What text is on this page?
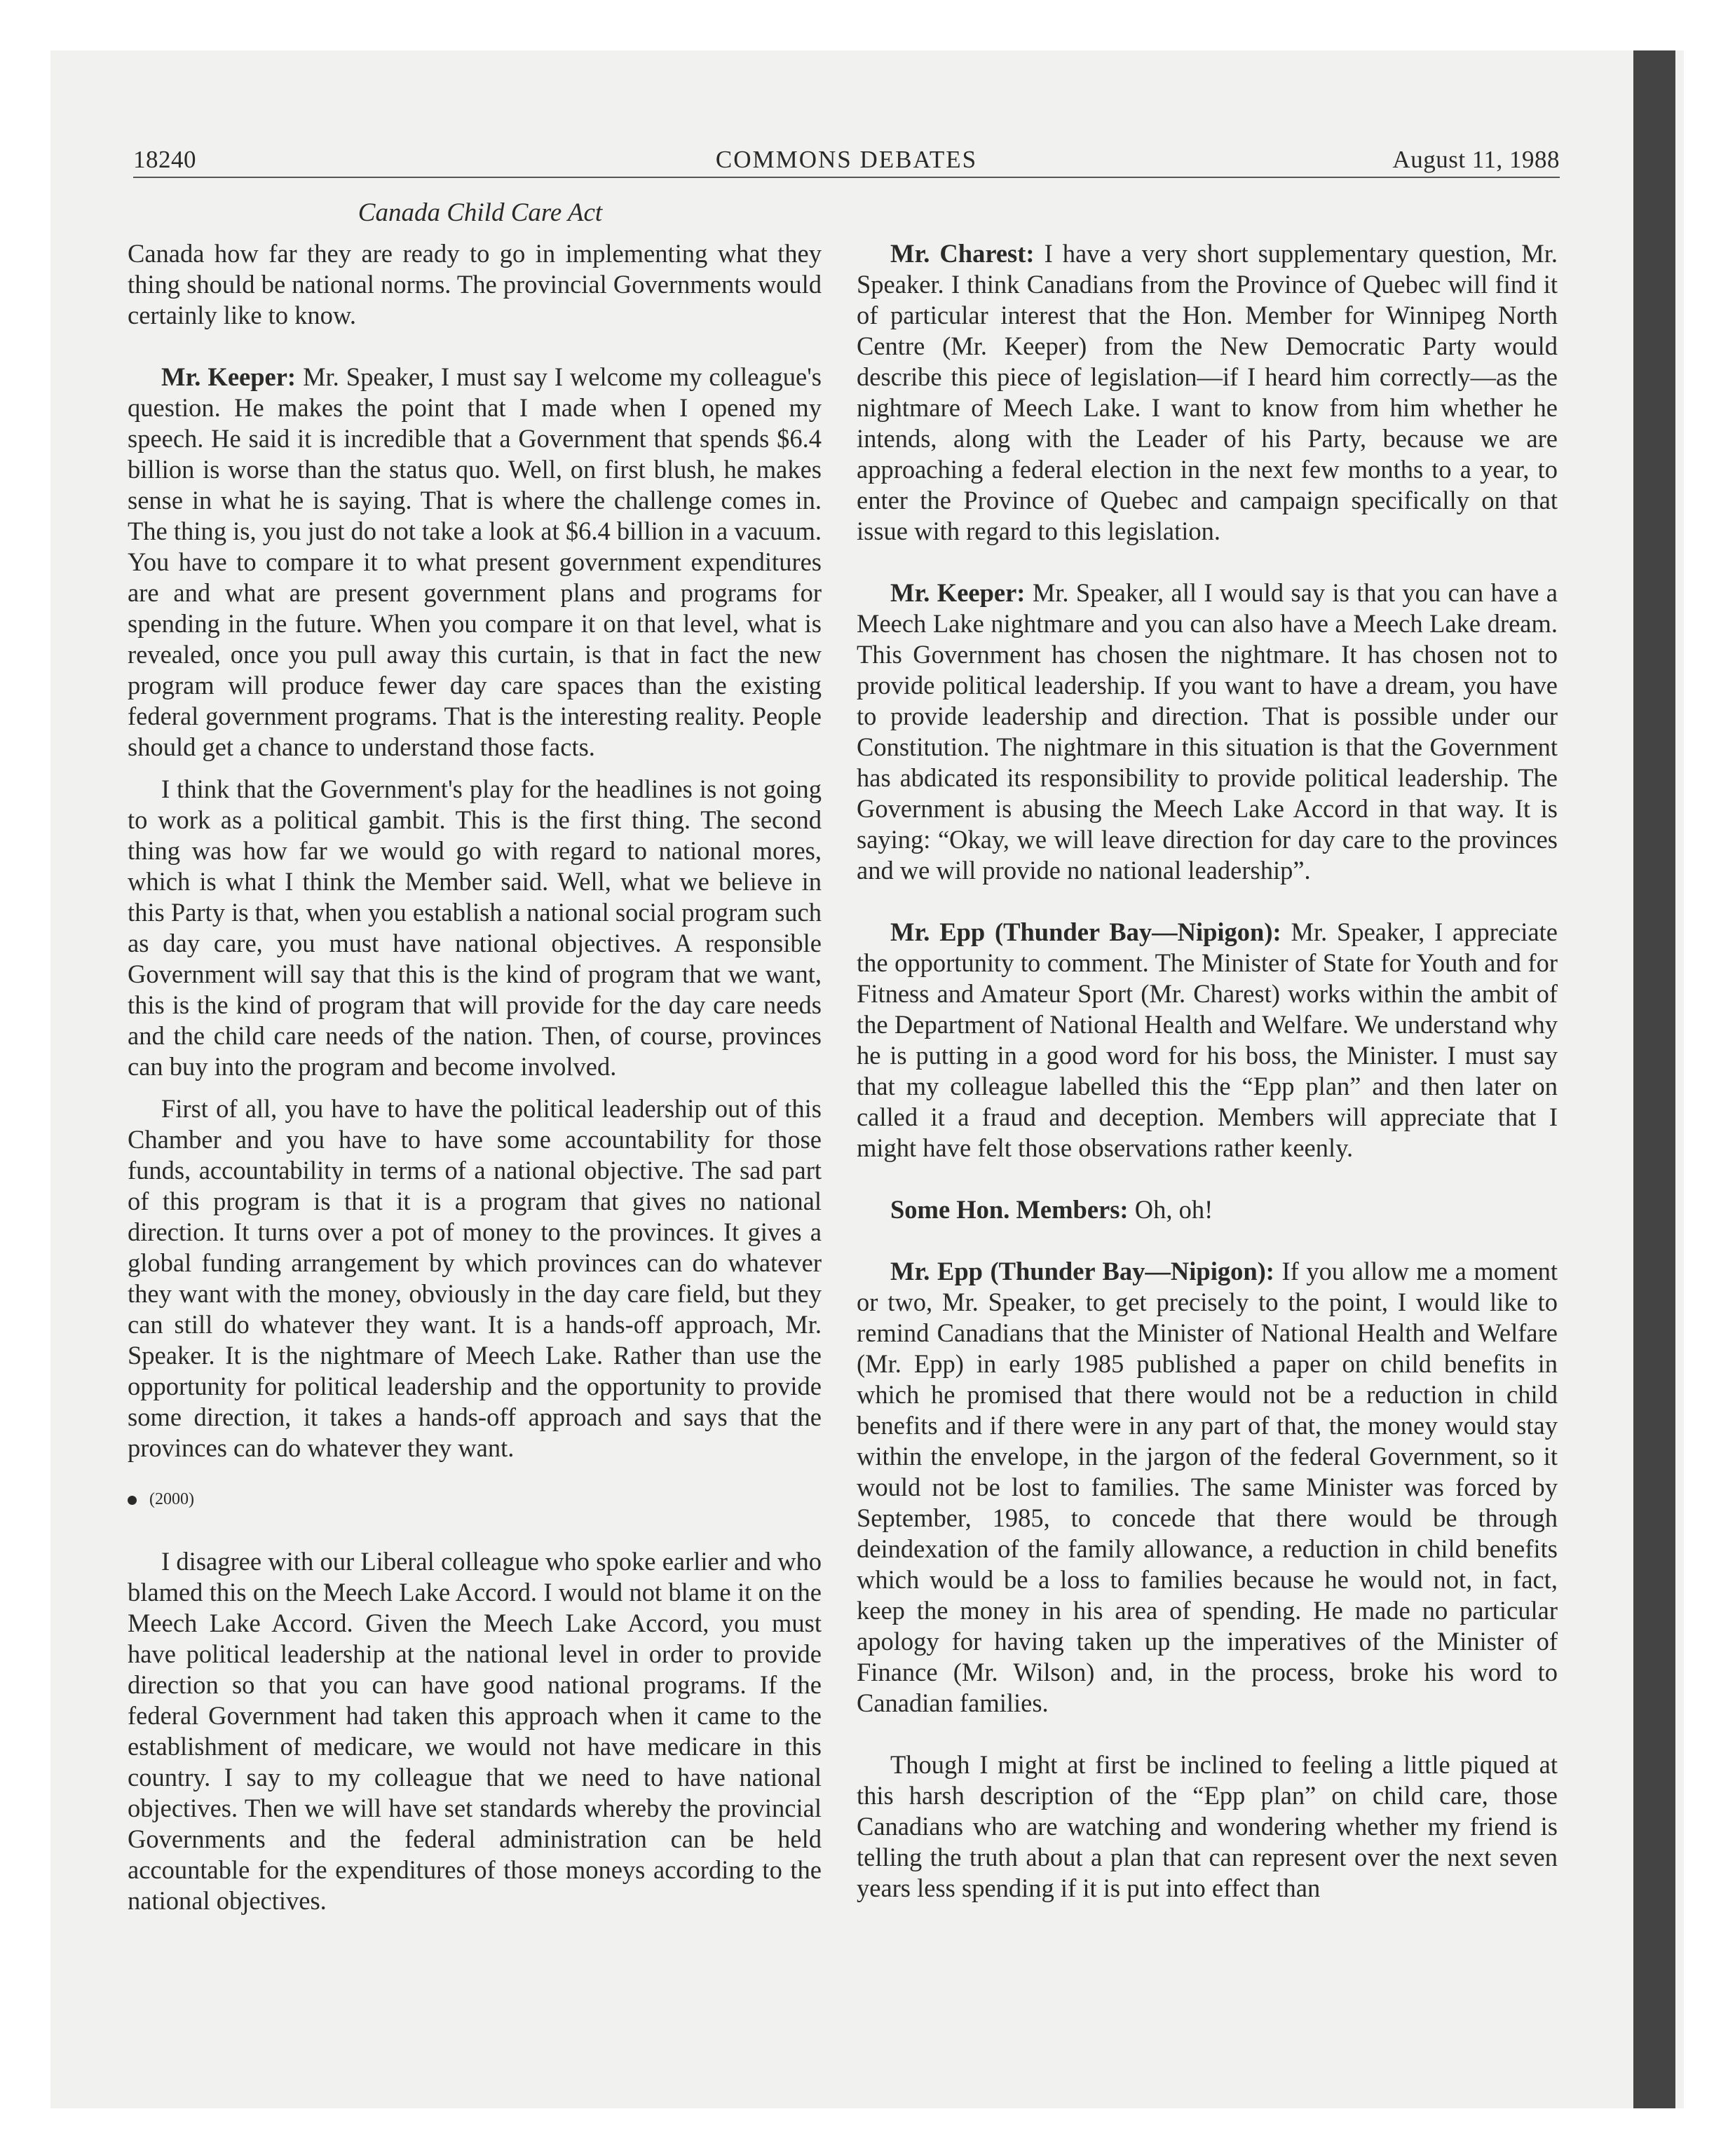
18240	COMMONS DEBATES	August 11, 1988
Canada Child Care Act

Canada how far they are ready to go in implementing what they thing should be national norms. The provincial Governments would certainly like to know.

Mr. Keeper: Mr. Speaker, I must say I welcome my colleague's question. He makes the point that I made when I opened my speech. He said it is incredible that a Government that spends $6.4 billion is worse than the status quo. Well, on first blush, he makes sense in what he is saying. That is where the challenge comes in. The thing is, you just do not take a look at $6.4 billion in a vacuum. You have to compare it to what present government expenditures are and what are present government plans and programs for spending in the future. When you compare it on that level, what is revealed, once you pull away this curtain, is that in fact the new program will produce fewer day care spaces than the existing federal government programs. That is the interesting reality. People should get a chance to understand those facts.

I think that the Government's play for the headlines is not going to work as a political gambit. This is the first thing. The second thing was how far we would go with regard to national mores, which is what I think the Member said. Well, what we believe in this Party is that, when you establish a national social program such as day care, you must have national objectives. A responsible Government will say that this is the kind of program that we want, this is the kind of program that will provide for the day care needs and the child care needs of the nation. Then, of course, provinces can buy into the program and become involved.

First of all, you have to have the political leadership out of this Chamber and you have to have some accountability for those funds, accountability in terms of a national objective. The sad part of this program is that it is a program that gives no national direction. It turns over a pot of money to the provinces. It gives a global funding arrangement by which provinces can do whatever they want with the money, obviously in the day care field, but they can still do whatever they want. It is a hands-off approach, Mr. Speaker. It is the nightmare of Meech Lake. Rather than use the opportunity for political leadership and the opportunity to provide some direction, it takes a hands-off approach and says that the provinces can do whatever they want.

(2000)

I disagree with our Liberal colleague who spoke earlier and who blamed this on the Meech Lake Accord. I would not blame it on the Meech Lake Accord. Given the Meech Lake Accord, you must have political leadership at the national level in order to provide direction so that you can have good national programs. If the federal Government had taken this approach when it came to the establishment of medicare, we would not have medicare in this country. I say to my colleague that we need to have national objectives. Then we will have set standards whereby the provincial Governments and the federal administration can be held accountable for the expenditures of those moneys according to the national objectives.

Mr. Charest: I have a very short supplementary question, Mr. Speaker. I think Canadians from the Province of Quebec will find it of particular interest that the Hon. Member for Winnipeg North Centre (Mr. Keeper) from the New Democratic Party would describe this piece of legislation—if I heard him correctly—as the nightmare of Meech Lake. I want to know from him whether he intends, along with the Leader of his Party, because we are approaching a federal election in the next few months to a year, to enter the Province of Quebec and campaign specifically on that issue with regard to this legislation.

Mr. Keeper: Mr. Speaker, all I would say is that you can have a Meech Lake nightmare and you can also have a Meech Lake dream. This Government has chosen the nightmare. It has chosen not to provide political leadership. If you want to have a dream, you have to provide leadership and direction. That is possible under our Constitution. The nightmare in this situation is that the Government has abdicated its responsibility to provide political leadership. The Government is abusing the Meech Lake Accord in that way. It is saying: “Okay, we will leave direction for day care to the provinces and we will provide no national leadership”.

Mr. Epp (Thunder Bay—Nipigon): Mr. Speaker, I appreciate the opportunity to comment. The Minister of State for Youth and for Fitness and Amateur Sport (Mr. Charest) works within the ambit of the Department of National Health and Welfare. We understand why he is putting in a good word for his boss, the Minister. I must say that my colleague labelled this the “Epp plan” and then later on called it a fraud and deception. Members will appreciate that I might have felt those observations rather keenly.

Some Hon. Members: Oh, oh!

Mr. Epp (Thunder Bay—Nipigon): If you allow me a moment or two, Mr. Speaker, to get precisely to the point, I would like to remind Canadians that the Minister of National Health and Welfare (Mr. Epp) in early 1985 published a paper on child benefits in which he promised that there would not be a reduction in child benefits and if there were in any part of that, the money would stay within the envelope, in the jargon of the federal Government, so it would not be lost to families. The same Minister was forced by September, 1985, to concede that there would be through deindexation of the family allowance, a reduction in child benefits which would be a loss to families because he would not, in fact, keep the money in his area of spending. He made no particular apology for having taken up the imperatives of the Minister of Finance (Mr. Wilson) and, in the process, broke his word to Canadian families.

Though I might at first be inclined to feeling a little piqued at this harsh description of the “Epp plan” on child care, those Canadians who are watching and wondering whether my friend is telling the truth about a plan that can represent over the next seven years less spending if it is put into effect than
